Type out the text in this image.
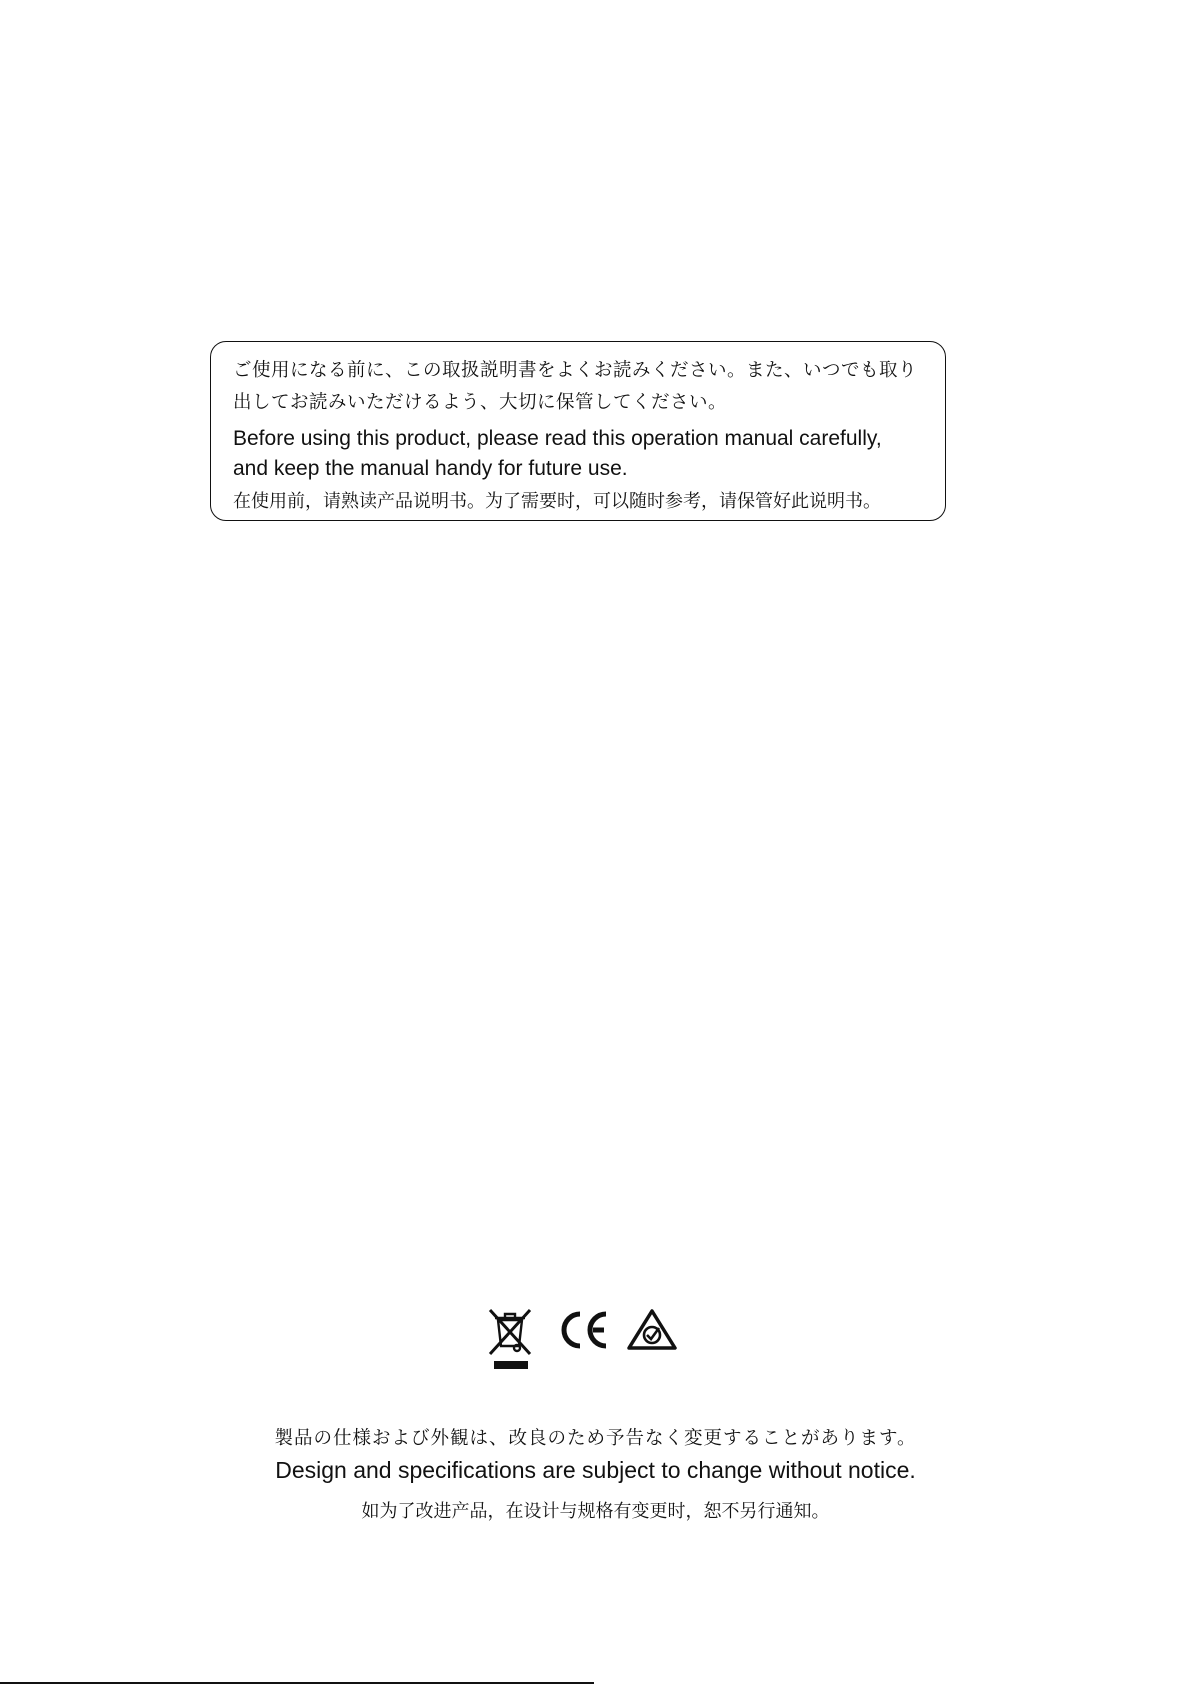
ご使用になる前に、この取扱説明書をよくお読みください。また、いつでも取り
出してお読みいただけるよう、大切に保管してください。
Before using this product, please read this operation manual carefully,
and keep the manual handy for future use.
在使用前，请熟读产品说明书。为了需要时，可以随时参考，请保管好此说明书。
製品の仕様および外観は、改良のため予告なく変更することがあります。
Design and specifications are subject to change without notice.
如为了改进产品，在设计与规格有变更时，恕不另行通知。
